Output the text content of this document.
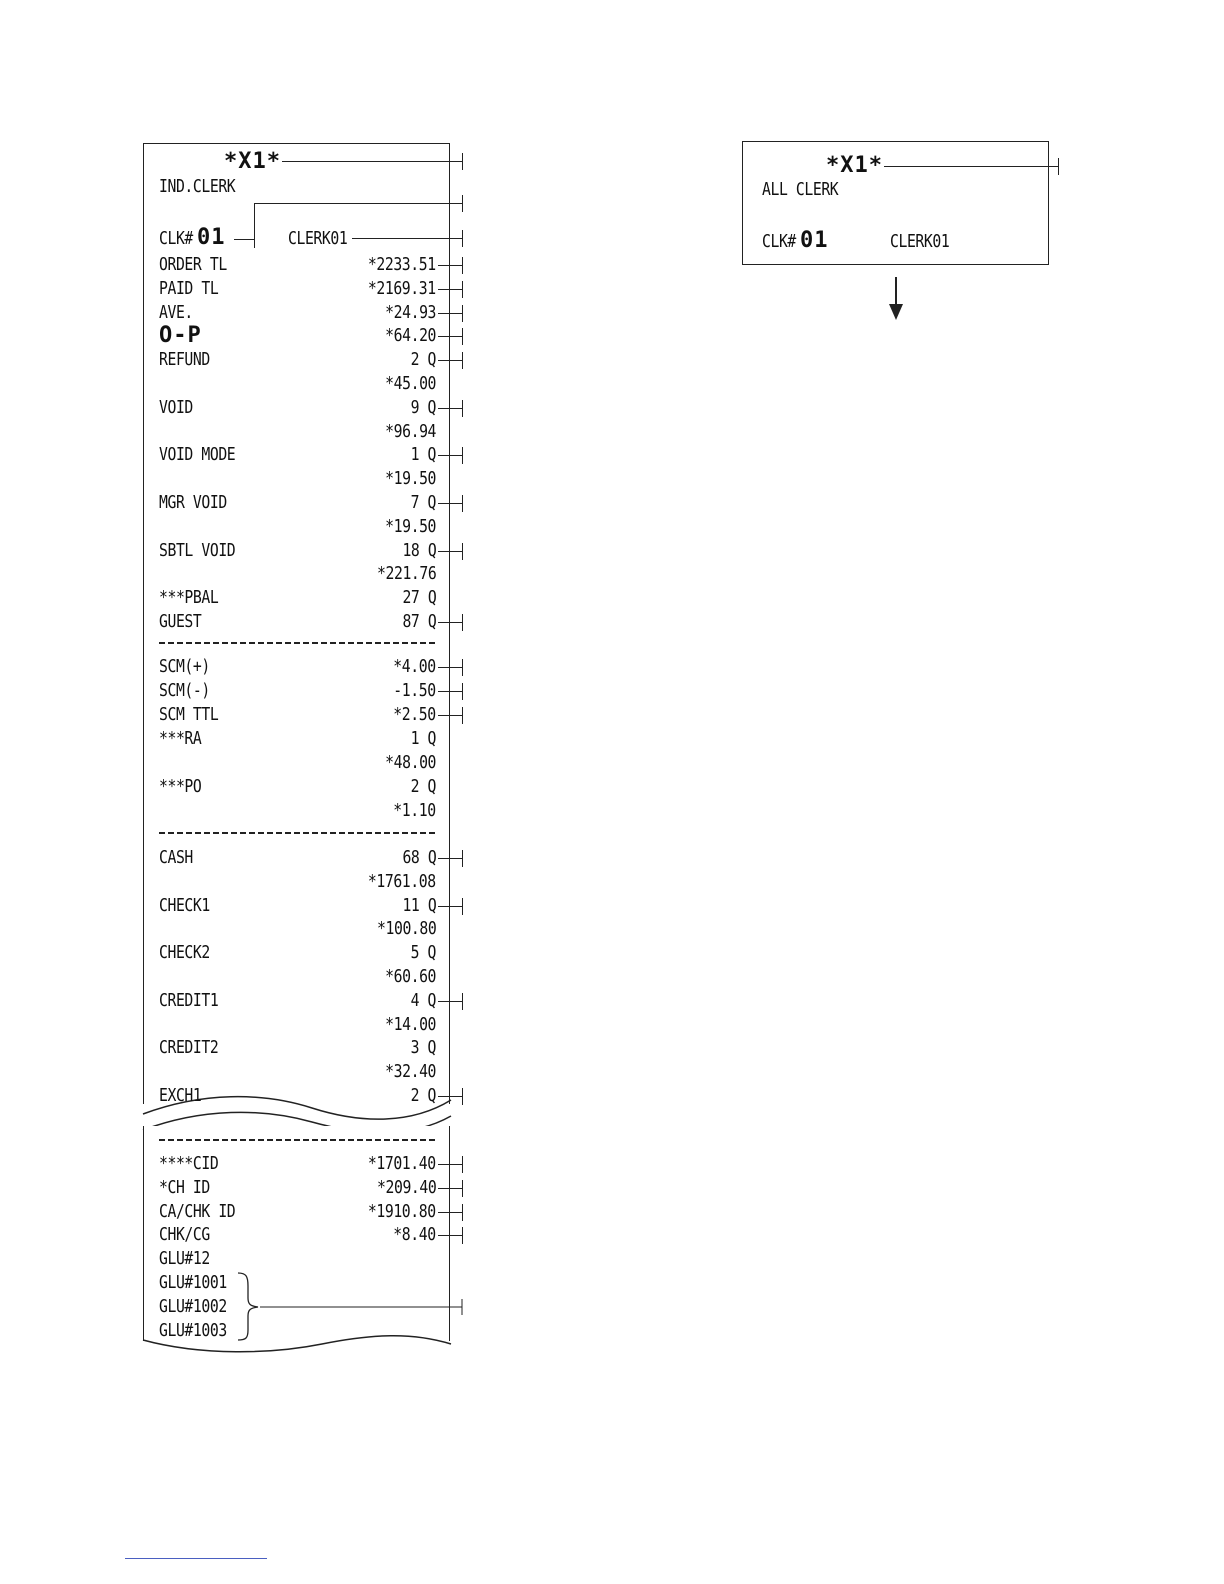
*X1*
IND.CLERK
CLK# 01	CLERK01
ORDER TL	*2233.51
PAID TL	*2169.31
AVE.	*24.93
O-P	*64.20
REFUND	2 Q
*45.00
VOID	9 Q
*96.94
VOID MODE	1 Q
*19.50
MGR VOID	7 Q
*19.50
SBTL VOID	18 Q
*221.76
***PBAL	27 Q
GUEST	87 Q
SCM(+)	*4.00
SCM(-)	-1.50
SCM TTL	*2.50
***RA	1 Q
*48.00
***PO	2 Q
*1.10
CASH	68 Q
*1761.08
CHECK1	11 Q
*100.80
CHECK2	5 Q
*60.60
CREDIT1	4 Q
*14.00
CREDIT2	3 Q
*32.40
EXCH1	2 Q
****CID	*1701.40
*CH ID	*209.40
CA/CHK ID	*1910.80
CHK/CG	*8.40
GLU#12
GLU#1001
GLU#1002
GLU#1003
*X1*
ALL CLERK
CLK# 01	CLERK01
